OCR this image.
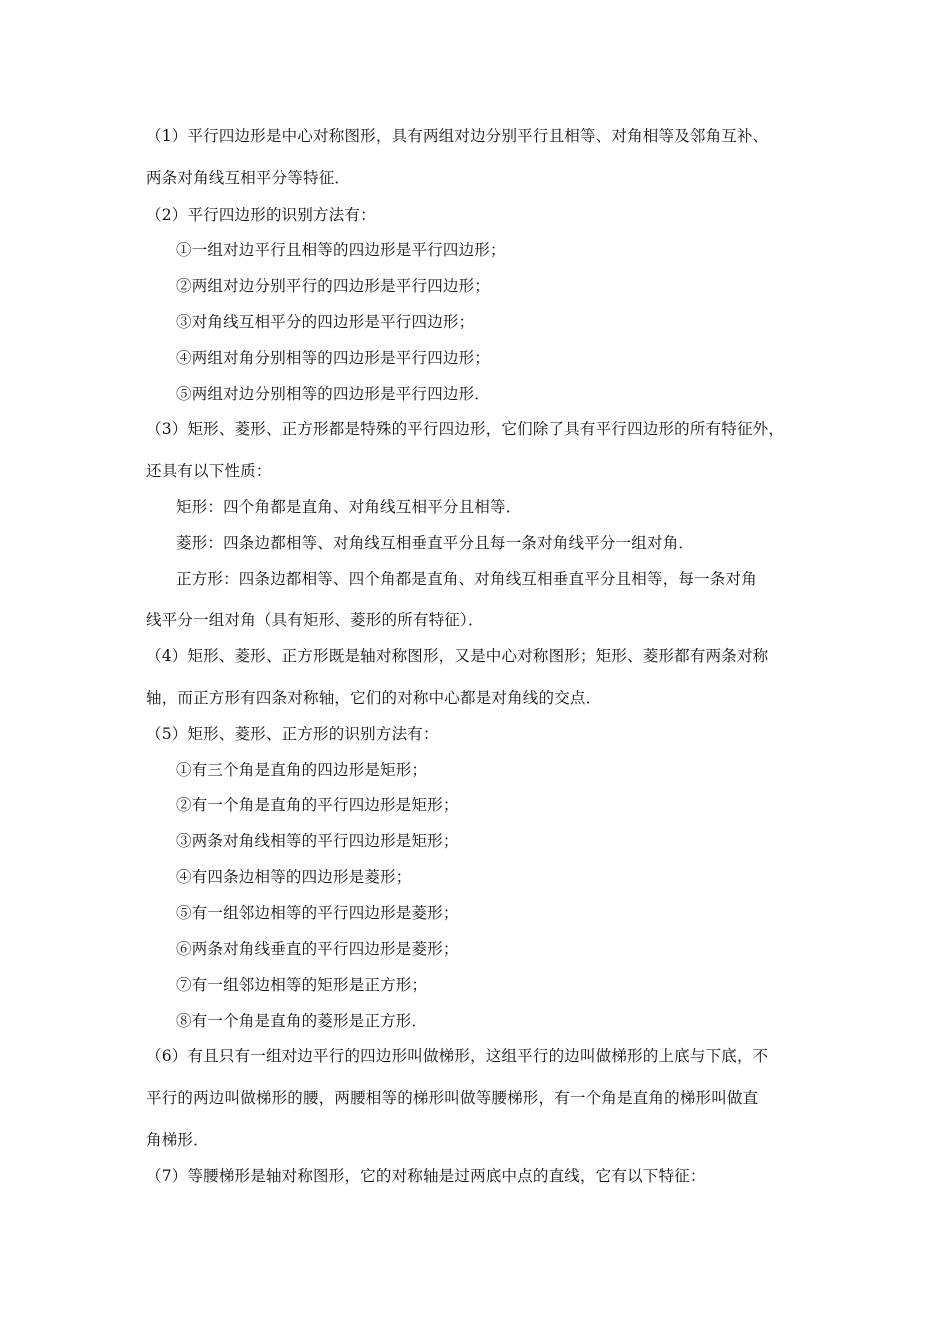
（1）平行四边形是中心对称图形，具有两组对边分别平行且相等、对角相等及邻角互补、
两条对角线互相平分等特征．
（2）平行四边形的识别方法有：
①一组对边平行且相等的四边形是平行四边形；
②两组对边分别平行的四边形是平行四边形；
③对角线互相平分的四边形是平行四边形；
④两组对角分别相等的四边形是平行四边形；
⑤两组对边分别相等的四边形是平行四边形．
（3）矩形、菱形、正方形都是特殊的平行四边形，它们除了具有平行四边形的所有特征外，
还具有以下性质：
矩形：四个角都是直角、对角线互相平分且相等．
菱形：四条边都相等、对角线互相垂直平分且每一条对角线平分一组对角．
正方形：四条边都相等、四个角都是直角、对角线互相垂直平分且相等，每一条对角
线平分一组对角（具有矩形、菱形的所有特征）．
（4）矩形、菱形、正方形既是轴对称图形，又是中心对称图形；矩形、菱形都有两条对称
轴，而正方形有四条对称轴，它们的对称中心都是对角线的交点．
（5）矩形、菱形、正方形的识别方法有：
①有三个角是直角的四边形是矩形；
②有一个角是直角的平行四边形是矩形；
③两条对角线相等的平行四边形是矩形；
④有四条边相等的四边形是菱形；
⑤有一组邻边相等的平行四边形是菱形；
⑥两条对角线垂直的平行四边形是菱形；
⑦有一组邻边相等的矩形是正方形；
⑧有一个角是直角的菱形是正方形．
（6）有且只有一组对边平行的四边形叫做梯形，这组平行的边叫做梯形的上底与下底，不
平行的两边叫做梯形的腰，两腰相等的梯形叫做等腰梯形，有一个角是直角的梯形叫做直
角梯形．
（7）等腰梯形是轴对称图形，它的对称轴是过两底中点的直线，它有以下特征：
